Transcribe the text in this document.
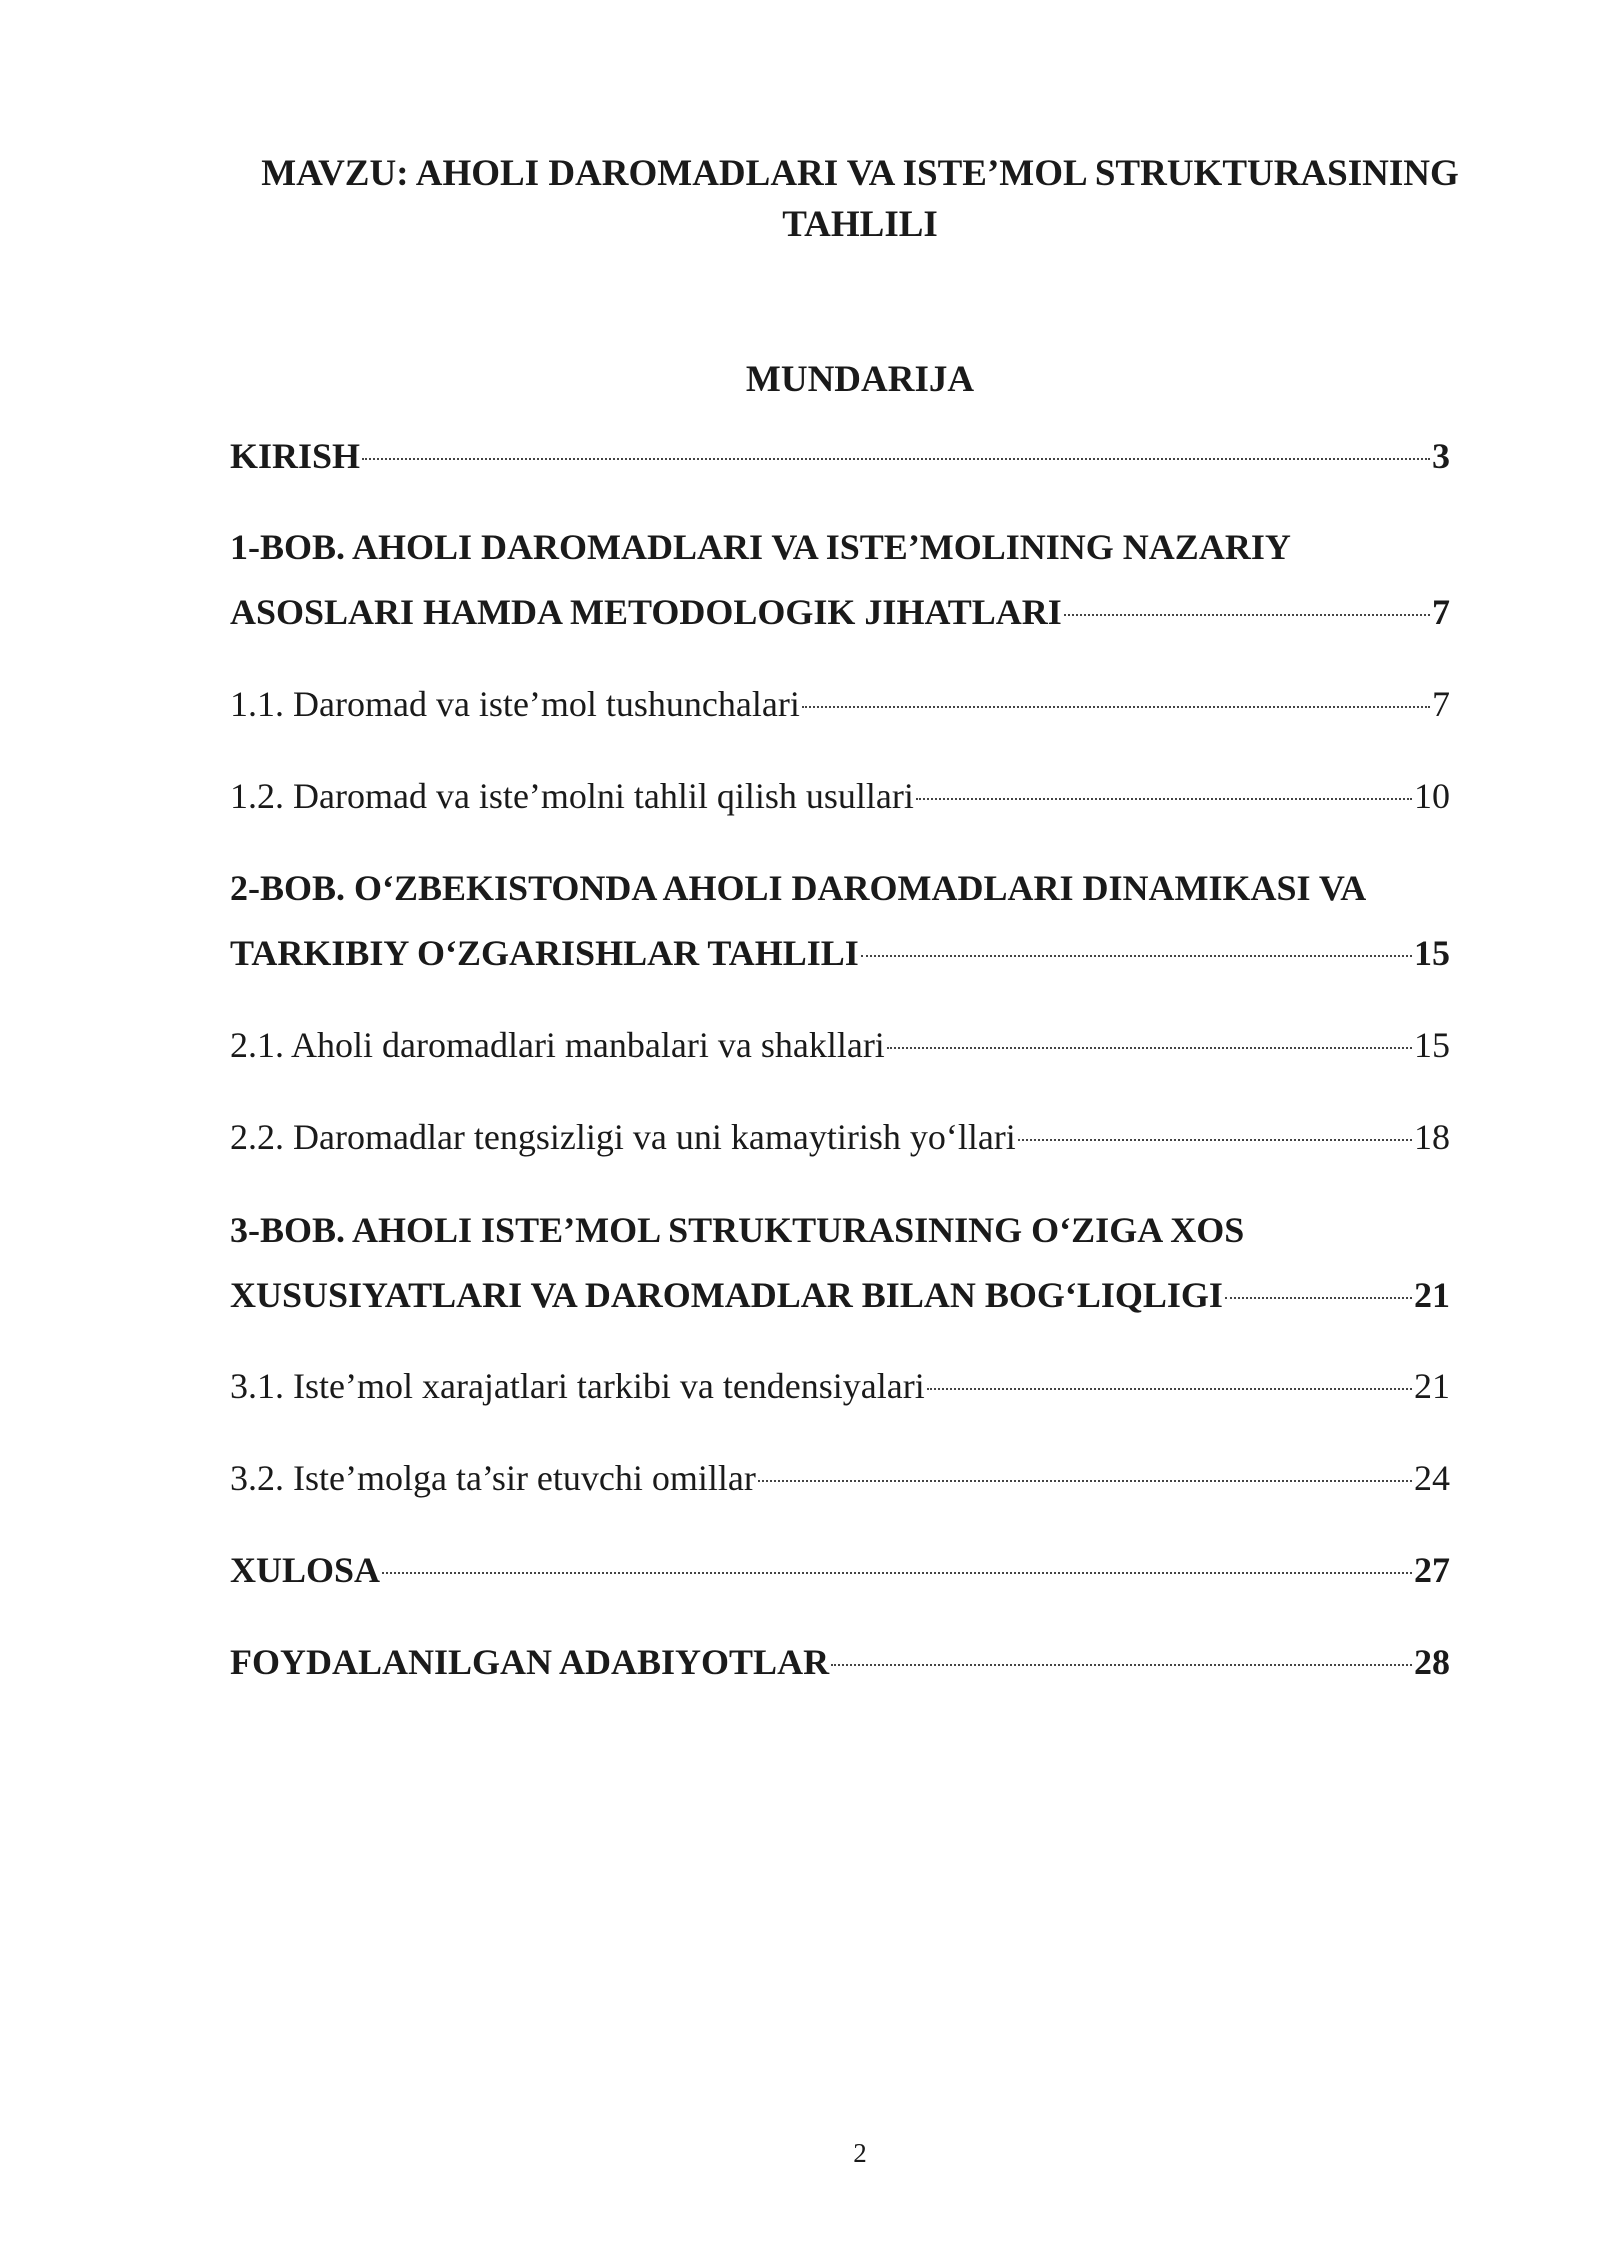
MAVZU: AHOLI DAROMADLARI VA ISTE’MOL STRUKTURASINING
TAHLILI
MUNDARIJA
KIRISH	3
1-BOB. AHOLI DAROMADLARI VA ISTE’MOLINING NAZARIY
ASOSLARI HAMDA METODOLOGIK JIHATLARI	7
1.1. Daromad va iste’mol tushunchalari	7
1.2. Daromad va iste’molni tahlil qilish usullari	10
2-BOB. O‘ZBEKISTONDA AHOLI DAROMADLARI DINAMIKASI VA
TARKIBIY O‘ZGARISHLAR TAHLILI	15
2.1. Aholi daromadlari manbalari va shakllari	15
2.2. Daromadlar tengsizligi va uni kamaytirish yo‘llari	18
3-BOB. AHOLI ISTE’MOL STRUKTURASINING O‘ZIGA XOS
XUSUSIYATLARI VA DAROMADLAR BILAN BOG‘LIQLIGI	21
3.1. Iste’mol xarajatlari tarkibi va tendensiyalari	21
3.2. Iste’molga ta’sir etuvchi omillar	24
XULOSA	27
FOYDALANILGAN ADABIYOTLAR	28
2
